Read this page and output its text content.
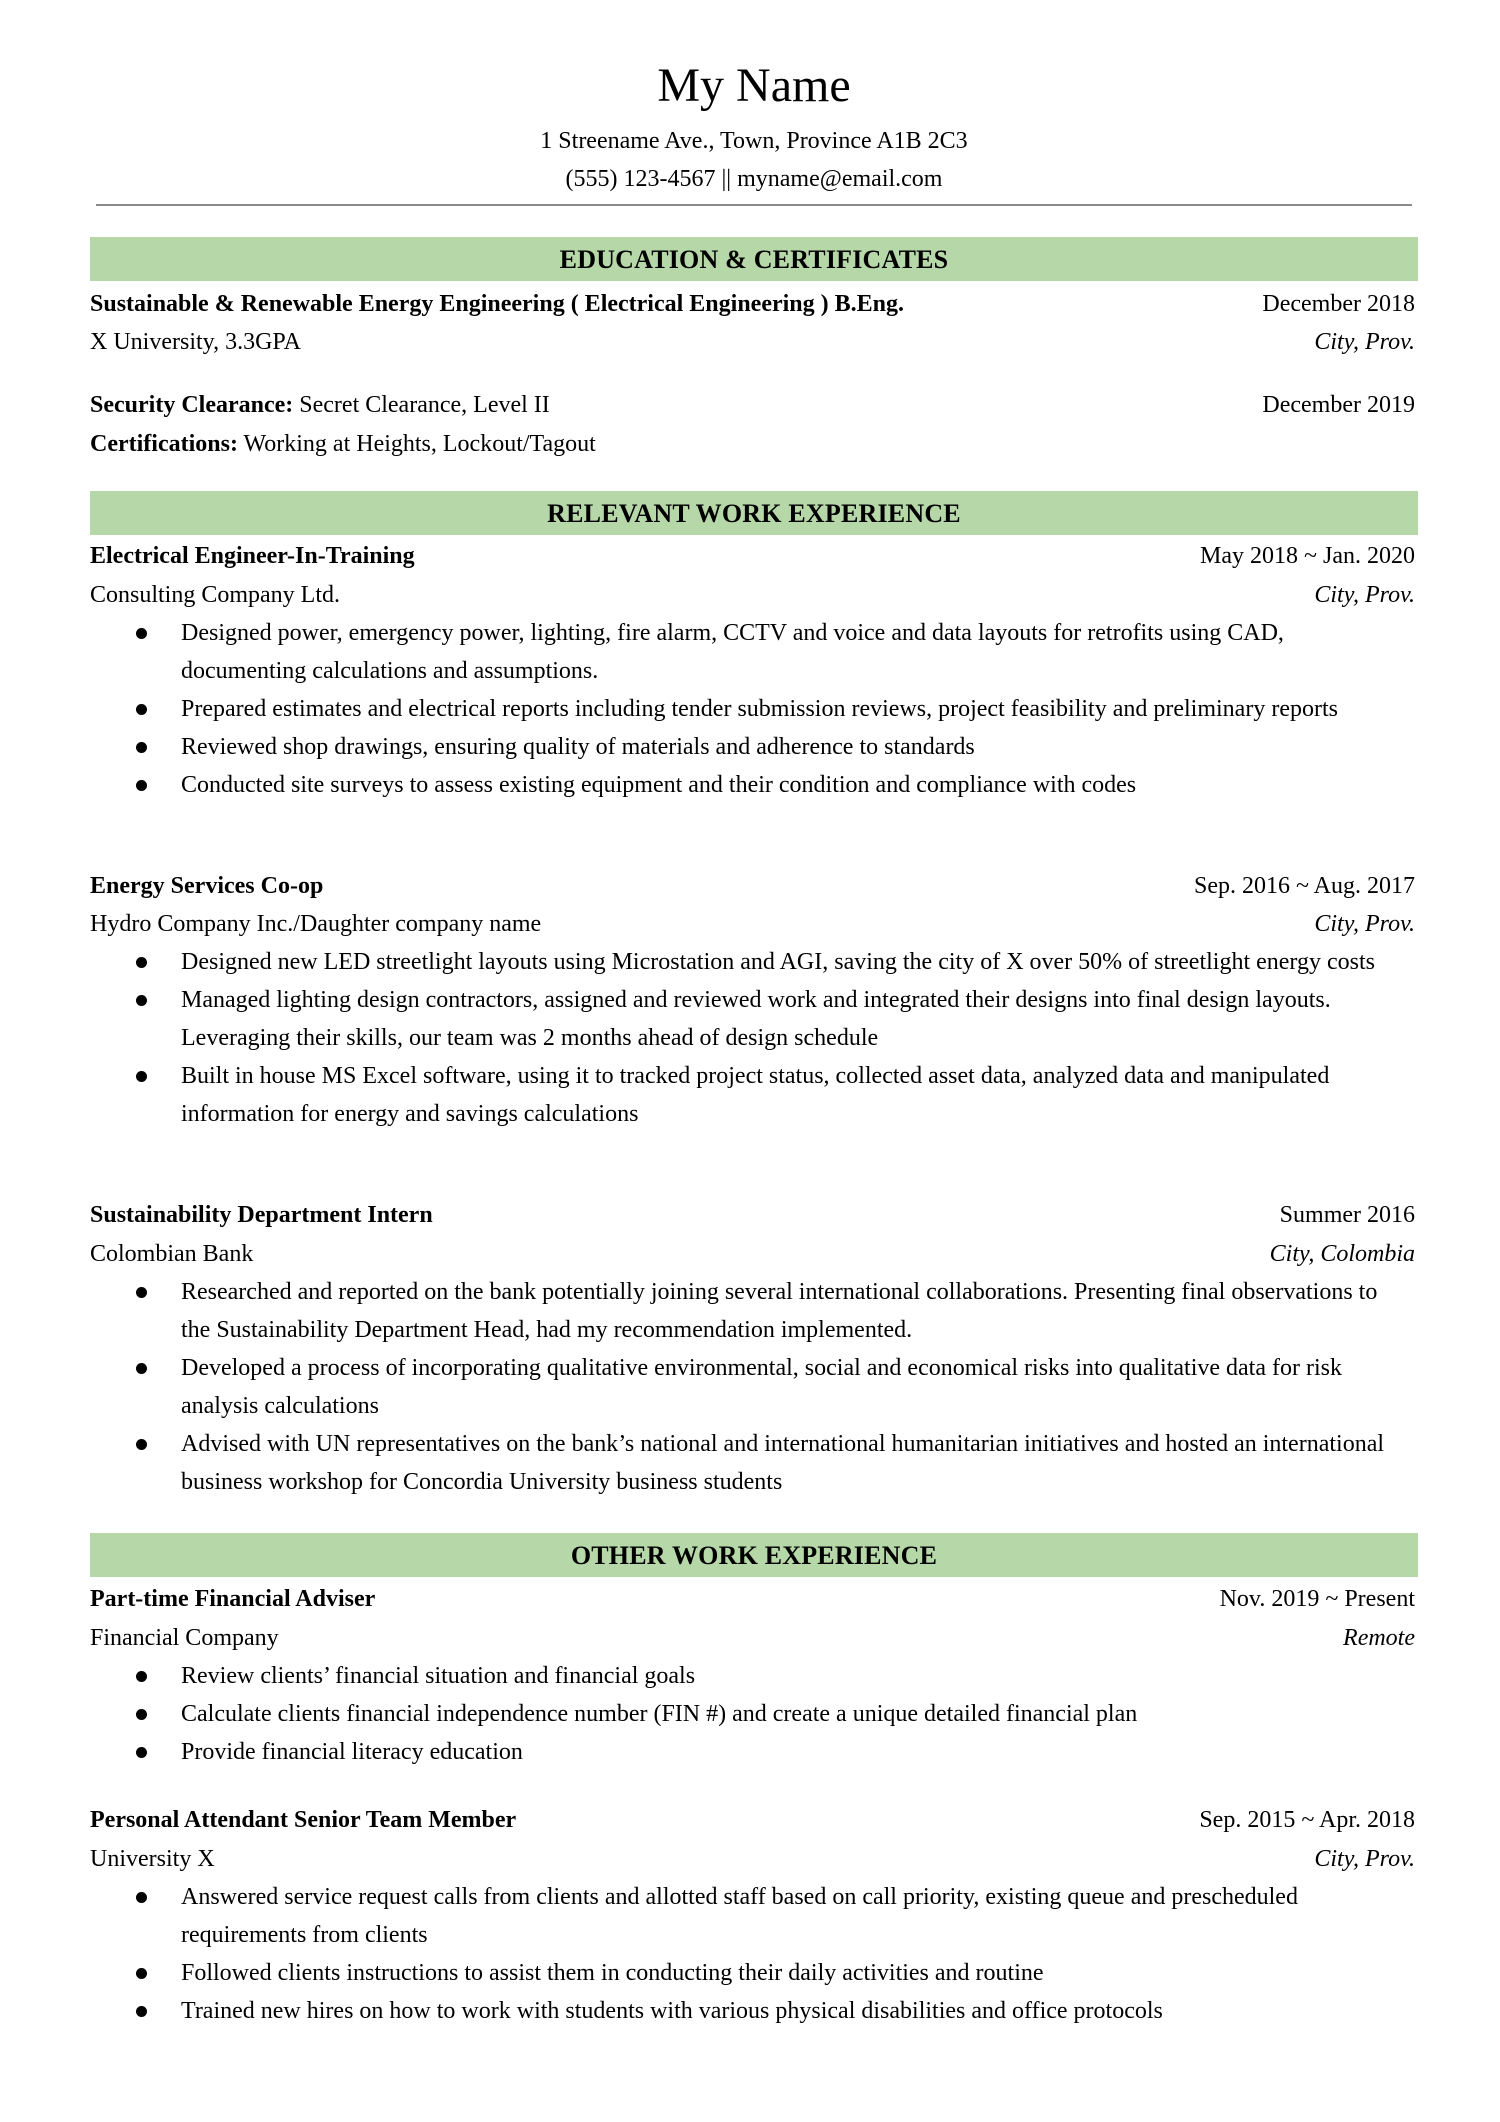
My Name
1 Streename Ave., Town, Province A1B 2C3
(555) 123-4567 || myname@email.com
EDUCATION & CERTIFICATES
Sustainable & Renewable Energy Engineering ( Electrical Engineering ) B.Eng.	December 2018
X University, 3.3GPA	City, Prov.
Security Clearance: Secret Clearance, Level II	December 2019
Certifications: Working at Heights, Lockout/Tagout
RELEVANT WORK EXPERIENCE
Electrical Engineer-In-Training	May 2018 ~ Jan. 2020
Consulting Company Ltd.	City, Prov.
Designed power, emergency power, lighting, fire alarm, CCTV and voice and data layouts for retrofits using CAD, documenting calculations and assumptions.
Prepared estimates and electrical reports including tender submission reviews, project feasibility and preliminary reports
Reviewed shop drawings, ensuring quality of materials and adherence to standards
Conducted site surveys to assess existing equipment and their condition and compliance with codes
Energy Services Co-op	Sep. 2016 ~ Aug. 2017
Hydro Company Inc./Daughter company name	City, Prov.
Designed new LED streetlight layouts using Microstation and AGI, saving the city of X over 50% of streetlight energy costs
Managed lighting design contractors, assigned and reviewed work and integrated their designs into final design layouts. Leveraging their skills, our team was 2 months ahead of design schedule
Built in house MS Excel software, using it to tracked project status, collected asset data, analyzed data and manipulated information for energy and savings calculations
Sustainability Department Intern	Summer 2016
Colombian Bank	City, Colombia
Researched and reported on the bank potentially joining several international collaborations. Presenting final observations to the Sustainability Department Head, had my recommendation implemented.
Developed a process of incorporating qualitative environmental, social and economical risks into qualitative data for risk analysis calculations
Advised with UN representatives on the bank’s national and international humanitarian initiatives and hosted an international business workshop for Concordia University business students
OTHER WORK EXPERIENCE
Part-time Financial Adviser	Nov. 2019 ~ Present
Financial Company	Remote
Review clients’ financial situation and financial goals
Calculate clients financial independence number (FIN #) and create a unique detailed financial plan
Provide financial literacy education
Personal Attendant Senior Team Member	Sep. 2015 ~ Apr. 2018
University X	City, Prov.
Answered service request calls from clients and allotted staff based on call priority, existing queue and prescheduled requirements from clients
Followed clients instructions to assist them in conducting their daily activities and routine
Trained new hires on how to work with students with various physical disabilities and office protocols
